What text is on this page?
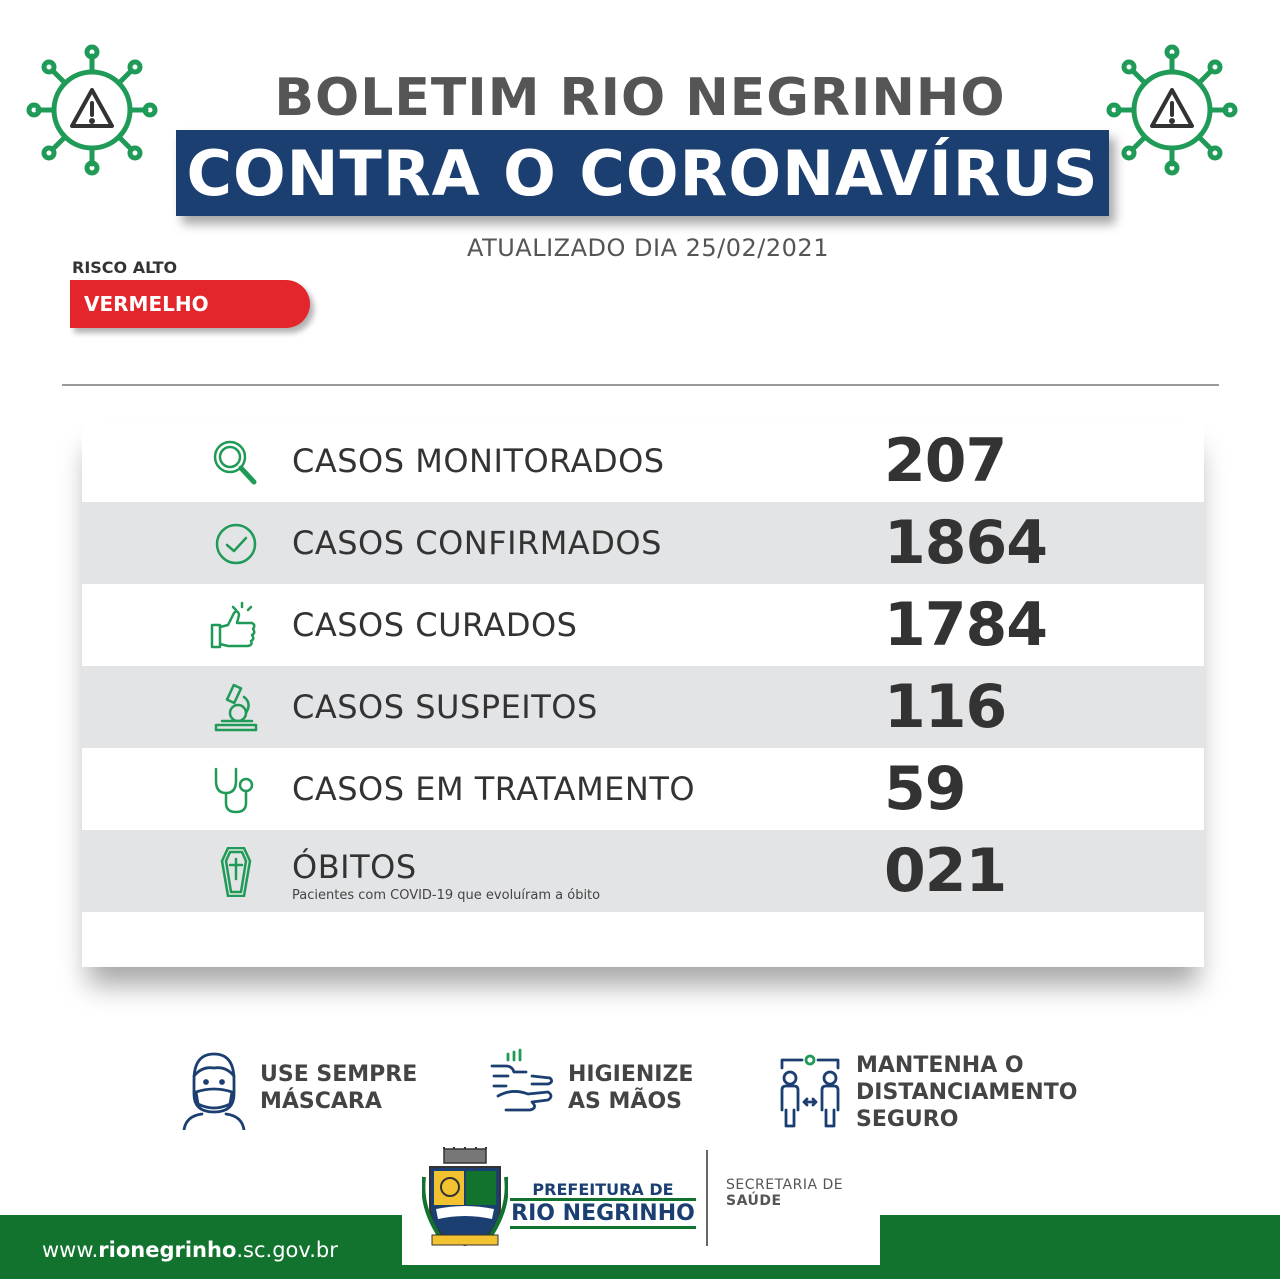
BOLETIM RIO NEGRINHO
CONTRA O CORONAVÍRUS
ATUALIZADO DIA 25/02/2021
RISCO ALTO
VERMELHO
CASOS MONITORADOS	207
CASOS CONFIRMADOS	1864
CASOS CURADOS	1784
CASOS SUSPEITOS	116
CASOS EM TRATAMENTO	59
ÓBITOS
Pacientes com COVID-19 que evoluíram a óbito	021
USE SEMPRE
MÁSCARA
HIGIENIZE
AS MÃOS
MANTENHA O
DISTANCIAMENTO
SEGURO
www.rionegrinho.sc.gov.br
PREFEITURA DE
RIO NEGRINHO
SECRETARIA DE
SAÚDE
